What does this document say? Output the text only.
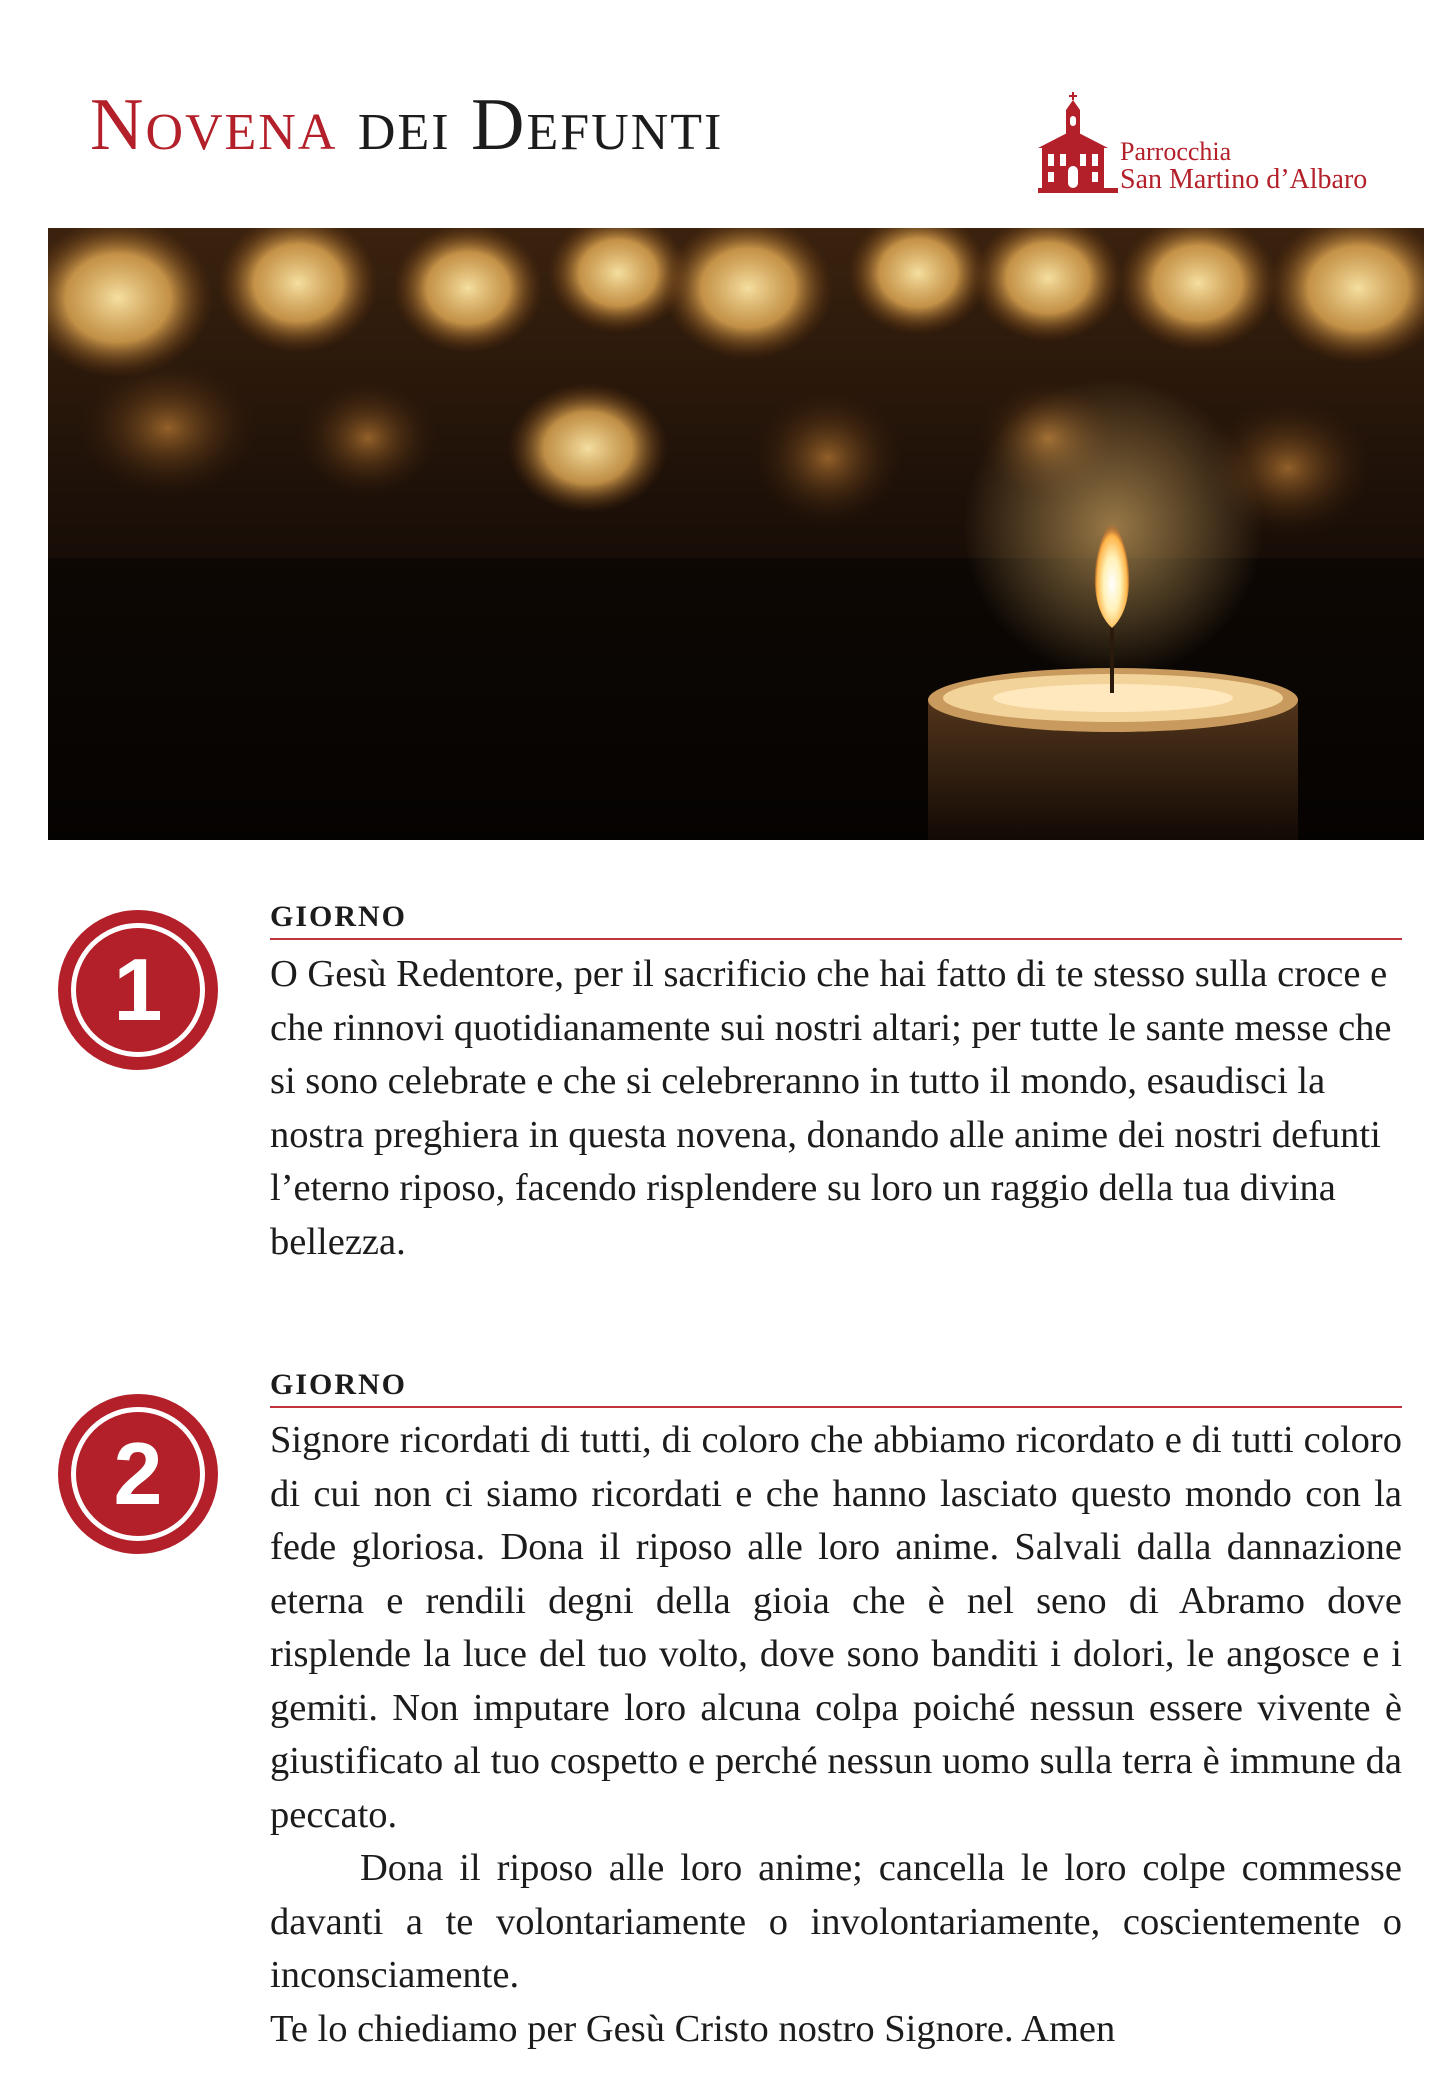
Novena dei Defunti	Parrocchia
San Martino d’Albaro
1
GIORNO

O Gesù Redentore, per il sacrificio che hai fatto di te stesso sulla croce e che rinnovi quotidianamente sui nostri altari; per tutte le sante messe che si sono celebrate e che si celebreranno in tutto il mondo, esaudisci la nostra preghiera in questa novena, donando alle anime dei nostri defunti l’eterno riposo, facendo risplendere su loro un raggio della tua divina bellezza.

2
GIORNO

Signore ricordati di tutti, di coloro che abbiamo ricordato e di tutti coloro di cui non ci siamo ricordati e che hanno lasciato questo mondo con la fede gloriosa. Dona il riposo alle loro anime. Salvali dalla dannazione eterna e rendili degni della gioia che è nel seno di Abramo dove risplende la luce del tuo volto, dove sono banditi i dolori, le angosce e i gemiti. Non imputare loro alcuna colpa poiché nessun essere vivente è giustificato al tuo cospetto e perché nessun uomo sulla terra è immune da peccato.

Dona il riposo alle loro anime; cancella le loro colpe commesse davanti a te volontariamente o involontariamente, coscientemente o inconsciamente.

Te lo chiediamo per Gesù Cristo nostro Signore. Amen
